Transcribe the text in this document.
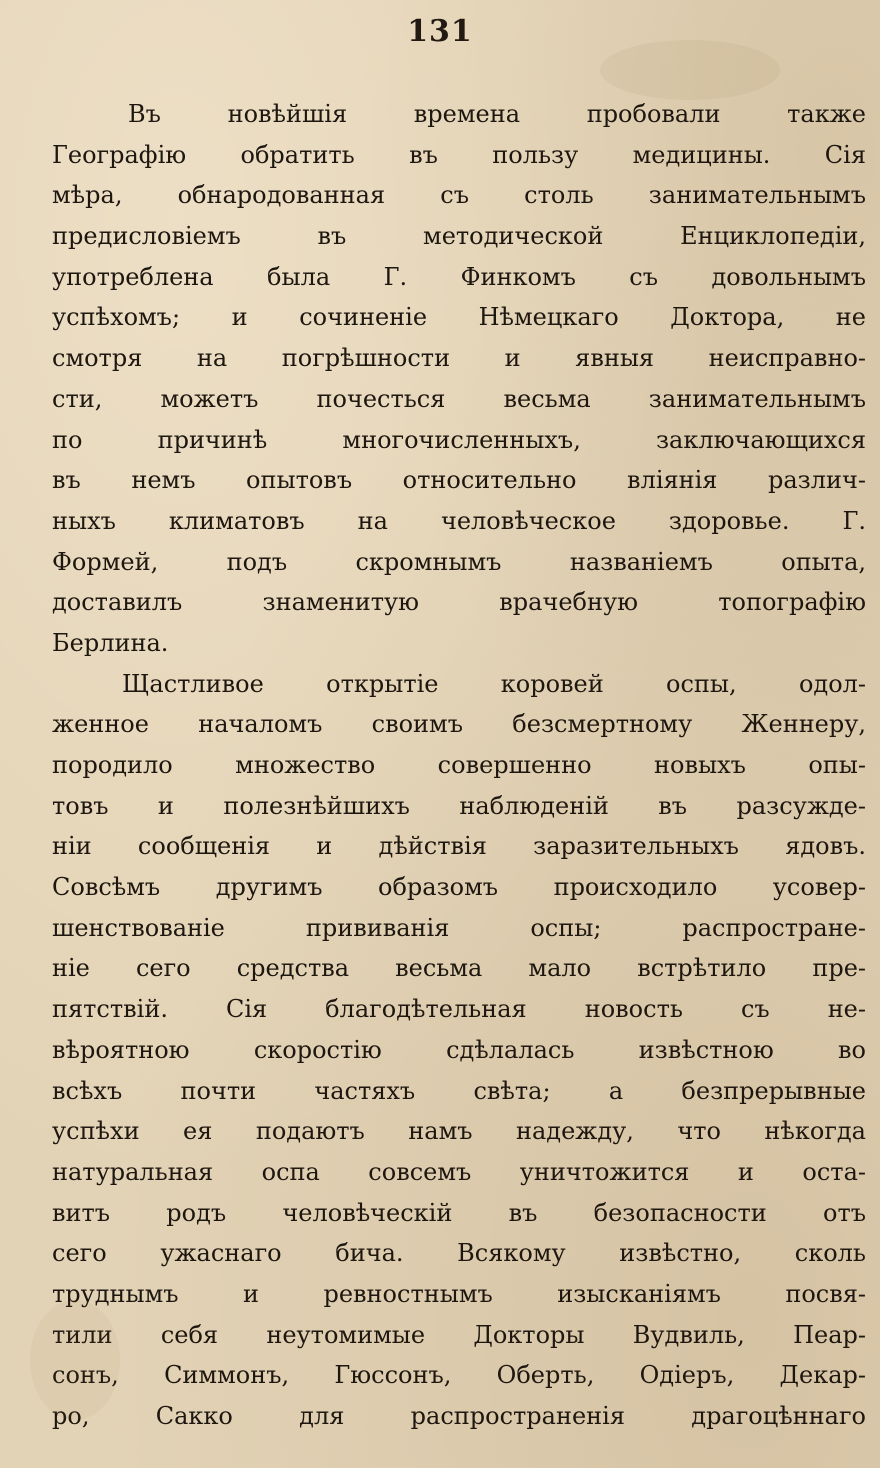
131
Въ новѣйшія времена пробовали также
Географію обратить въ пользу медицины. Сія
мѣра, обнародованная съ столь занимательнымъ
предисловіемъ въ методической Енциклопедіи,
употреблена была Г. Финкомъ съ довольнымъ
успѣхомъ; и сочиненіе Нѣмецкаго Доктора, не
смотря на погрѣшности и явныя неисправно-
сти, можетъ почесться весьма занимательнымъ
по причинѣ многочисленныхъ, заключающихся
въ немъ опытовъ относительно вліянія различ-
ныхъ климатовъ на человѣческое здоровье. Г.
Формей, подъ скромнымъ названіемъ опыта,
доставилъ знаменитую врачебную топографію
Берлина.
Щастливое открытіе коровей оспы, одол-
женное началомъ своимъ безсмертному Женнеру,
породило множество совершенно новыхъ опы-
товъ и полезнѣйшихъ наблюденій въ разсужде-
ніи сообщенія и дѣйствія заразительныхъ ядовъ.
Совсѣмъ другимъ образомъ происходило усовер-
шенствованіе прививанія оспы; распростране-
ніе сего средства весьма мало встрѣтило пре-
пятствій. Сія благодѣтельная новость съ не-
вѣроятною скоростію сдѣлалась извѣстною во
всѣхъ почти частяхъ свѣта; а безпрерывные
успѣхи ея подаютъ намъ надежду, что нѣкогда
натуральная оспа совсемъ уничтожится и оста-
витъ родъ человѣческій въ безопасности отъ
сего ужаснаго бича. Всякому извѣстно, сколь
труднымъ и ревностнымъ изысканіямъ посвя-
тили себя неутомимые Докторы Вудвиль, Пеар-
сонъ, Симмонъ, Гюссонъ, Оберть, Одіеръ, Декар-
ро, Сакко для распространенія драгоцѣннаго
